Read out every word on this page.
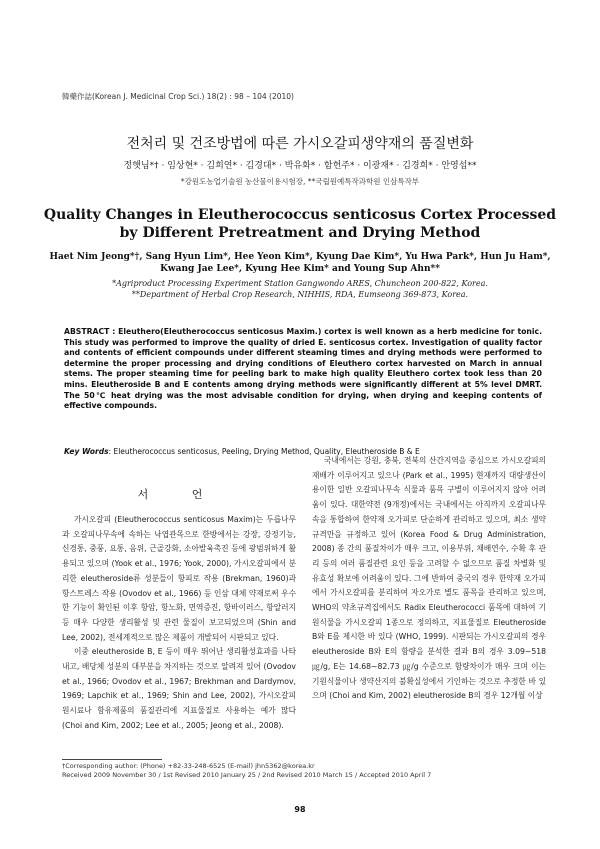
韓藥作誌(Korean J. Medicinal Crop Sci.) 18(2) : 98 – 104 (2010)
전처리 및 건조방법에 따른 가시오갈피생약재의 품질변화
정햇님*† · 임상현* · 김희연* · 김경대* · 박유화* · 함헌주* · 이광재* · 김경희* · 안영섭**
*강원도농업기술원 농산물이용시험장, **국립원예특작과학원 인삼특작부
Quality Changes in Eleutherococcus senticosus Cortex Processed by Different Pretreatment and Drying Method
Haet Nim Jeong*†, Sang Hyun Lim*, Hee Yeon Kim*, Kyung Dae Kim*, Yu Hwa Park*, Hun Ju Ham*, Kwang Jae Lee*, Kyung Hee Kim* and Young Sup Ahn**
*Agriproduct Processing Experiment Station Gangwondo ARES, Chuncheon 200-822, Korea.
**Department of Herbal Crop Research, NIHHIS, RDA, Eumseong 369-873, Korea.
ABSTRACT : Eleuthero(Eleutherococcus senticosus Maxim.) cortex is well known as a herb medicine for tonic. This study was performed to improve the quality of dried E. senticosus cortex. Investigation of quality factor and contents of efficient compounds under different steaming times and drying methods were performed to determine the proper processing and drying conditions of Eleuthero cortex harvested on March in annual stems. The proper steaming time for peeling bark to make high quality Eleuthero cortex took less than 20 mins. Eleutheroside B and E contents among drying methods were significantly different at 5% level DMRT. The 50℃ heat drying was the most advisable condition for drying, when drying and keeping contents of effective compounds.
Key Words: Eleutherococcus senticosus, Peeling, Drying Method, Quality, Eleutheroside B & E
서 언

가시오갈피 (Eleutherococcus senticosus Maxim)는 두릅나무과 오갈피나무속에 속하는 낙엽관목으로 한방에서는 강장, 강정기능, 신경통, 중풍, 요통, 음위, 근골강화, 소아발육촉진 등에 광범위하게 활용되고 있으며 (Yook et al., 1976; Yook, 2000), 가시오갈피에서 분리한 eleutheroside류 성분들이 항피로 작용 (Brekman, 1960)과 항스트레스 작용 (Ovodov et al., 1966) 등 인삼 대체 약재로써 우수한 기능이 확인된 이후 항암, 항노화, 면역증진, 항바이러스, 항알러지 등 매우 다양한 생리활성 및 관련 물질이 보고되었으며 (Shin and Lee, 2002), 전세계적으로 많은 제품이 개발되어 시판되고 있다.

이중 eleutheroside B, E 등이 매우 뛰어난 생리활성효과를 나타내고, 배당체 성분의 대부분을 차지하는 것으로 알려져 있어 (Ovodov et al., 1966; Ovodov et al., 1967; Brekhman and Dardymov, 1969; Lapchik et al., 1969; Shin and Lee, 2002), 가시오갈피 원시료나 함유제품의 품질관리에 지표물질로 사용하는 예가 많다 (Choi and Kim, 2002; Lee et al., 2005; Jeong et al., 2008).

국내에서는 강원, 충북, 전북의 산간지역을 중심으로 가시오갈피의 재배가 이루어지고 있으나 (Park et al., 1995) 현재까지 대량생산이 용이한 일반 오갈피나무속 식물과 품목 구별이 이루어지지 않아 어려움이 있다. 대한약전 (9개정)에서는 국내에서는 아직까지 오갈피나무속을 통합하여 한약재 오가피로 단순하게 관리하고 있으며, 최소 생약규격만을 규정하고 있어 (Korea Food & Drug Administration, 2008) 종 간의 품질차이가 매우 크고, 이용부위, 채배연수, 수확 후 관리 등의 여러 품질관련 요인 등을 고려할 수 없으므로 품질 차별화 및 유효성 확보에 어려움이 있다. 그에 반하여 중국의 경우 한약재 오가피에서 가시오갈피를 분리하여 자오가로 별도 품목을 관리하고 있으며, WHO의 약초규격집에서도 Radix Eleutherococci 품목에 대하여 기원식물을 가시오갈피 1종으로 정의하고, 지표물질로 Eleutheroside B와 E를 제시한 바 있다 (WHO, 1999). 시판되는 가시오갈피의 경우 eleutheroside B와 E의 함량을 분석한 결과 B의 경우 3.09~518 ㎍/g, E는 14.68~82.73 ㎍/g 수준으로 함량차이가 매우 크며 이는 기원식물이나 생약산지의 불확실성에서 기인하는 것으로 추정한 바 있으며 (Choi and Kim, 2002) eleutheroside B의 경우 12개월 이상

†Corresponding author: (Phone) +82-33-248-6525 (E-mail) jhn5362@korea.kr
Received 2009 November 30 / 1st Revised 2010 January 25 / 2nd Revised 2010 March 15 / Accepted 2010 April 7
98
